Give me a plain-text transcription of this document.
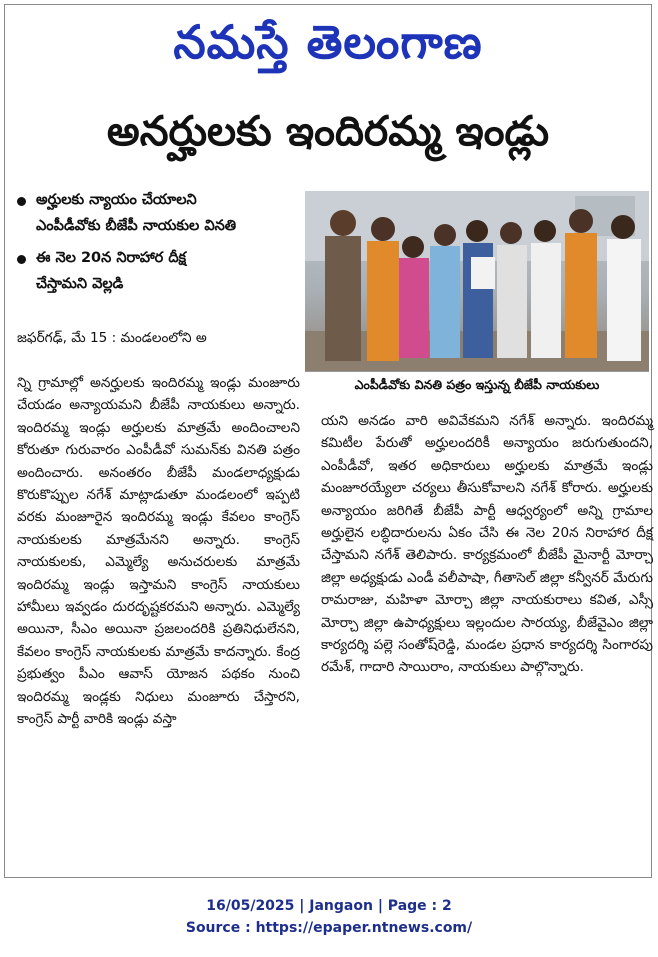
నమస్తే తెలంగాణ
అనర్హులకు ఇందిరమ్మ ఇండ్లు
అర్హులకు న్యాయం చేయాలని
ఎంపీడీవోకు బీజేపీ నాయకుల వినతి
ఈ నెల 20న నిరాహార దీక్ష
చేస్తామని వెల్లడి
ఎంపీడీవోకు వినతి పత్రం ఇస్తున్న బీజేపీ నాయకులు

జఫర్‌గఢ్, మే 15 : మండలంలోని అ

న్ని గ్రామాల్లో అనర్హులకు ఇందిరమ్మ ఇండ్లు మంజూరు చేయడం అన్యాయమని బీజేపీ నాయకులు అన్నారు. ఇందిరమ్మ ఇండ్లు అర్హులకు మాత్రమే అందించాలని కోరుతూ గురువారం ఎంపీడీవో సుమన్‌కు వినతి పత్రం అందించారు. అనంతరం బీజేపీ మండలాధ్యక్షుడు కొరుకొప్పుల నగేశ్ మాట్లాడుతూ మండలంలో ఇప్పటి వరకు మంజూరైన ఇందిరమ్మ ఇండ్లు కేవలం కాంగ్రెస్ నాయకులకు మాత్రమేనని అన్నారు. కాంగ్రెస్ నాయకులకు, ఎమ్మెల్యే అనుచరులకు మాత్రమే ఇందిరమ్మ ఇండ్లు ఇస్తామని కాంగ్రెస్ నాయకులు హామీలు ఇవ్వడం దురదృష్టకరమని అన్నారు. ఎమ్మెల్యే అయినా, సీఎం అయినా ప్రజలందరికి ప్రతినిధులేనని, కేవలం కాంగ్రెస్ నాయకులకు మాత్రమే కాదన్నారు. కేంద్ర ప్రభుత్వం పీఎం ఆవాస్ యోజన పథకం నుంచి ఇందిరమ్మ ఇండ్లకు నిధులు మంజూరు చేస్తారని, కాంగ్రెస్ పార్టీ వారికి ఇండ్లు వస్తా

యని అనడం వారి అవివేకమని నగేశ్ అన్నారు. ఇందిరమ్మ కమిటీల పేరుతో అర్హులందరికీ అన్యాయం జరుగుతుందని, ఎంపీడీవో, ఇతర అధికారులు అర్హులకు మాత్రమే ఇండ్లు మంజూరయ్యేలా చర్యలు తీసుకోవాలని నగేశ్ కోరారు. అర్హులకు అన్యాయం జరిగితే బీజేపీ పార్టీ ఆధ్వర్యంలో అన్ని గ్రామాల అర్హులైన లబ్ధిదారులను ఏకం చేసి ఈ నెల 20న నిరాహార దీక్ష చేస్తామని నగేశ్ తెలిపారు. కార్యక్రమంలో బీజేపీ మైనార్టీ మోర్చా జిల్లా అధ్యక్షుడు ఎండీ వలీపాషా, గీతాసెల్ జిల్లా కన్వీనర్ మేరుగు రామరాజు, మహిళా మోర్చా జిల్లా నాయకురాలు కవిత, ఎస్సీ మోర్చా జిల్లా ఉపాధ్యక్షులు ఇల్లందుల సారయ్య, బీజేవైఎం జిల్లా కార్యదర్శి పల్లె సంతోష్‌రెడ్డి, మండల ప్రధాన కార్యదర్శి సింగారపు రమేశ్, గాదారి సాయిరాం, నాయకులు పాల్గొన్నారు.

16/05/2025 | Jangaon | Page : 2
Source : https://epaper.ntnews.com/
